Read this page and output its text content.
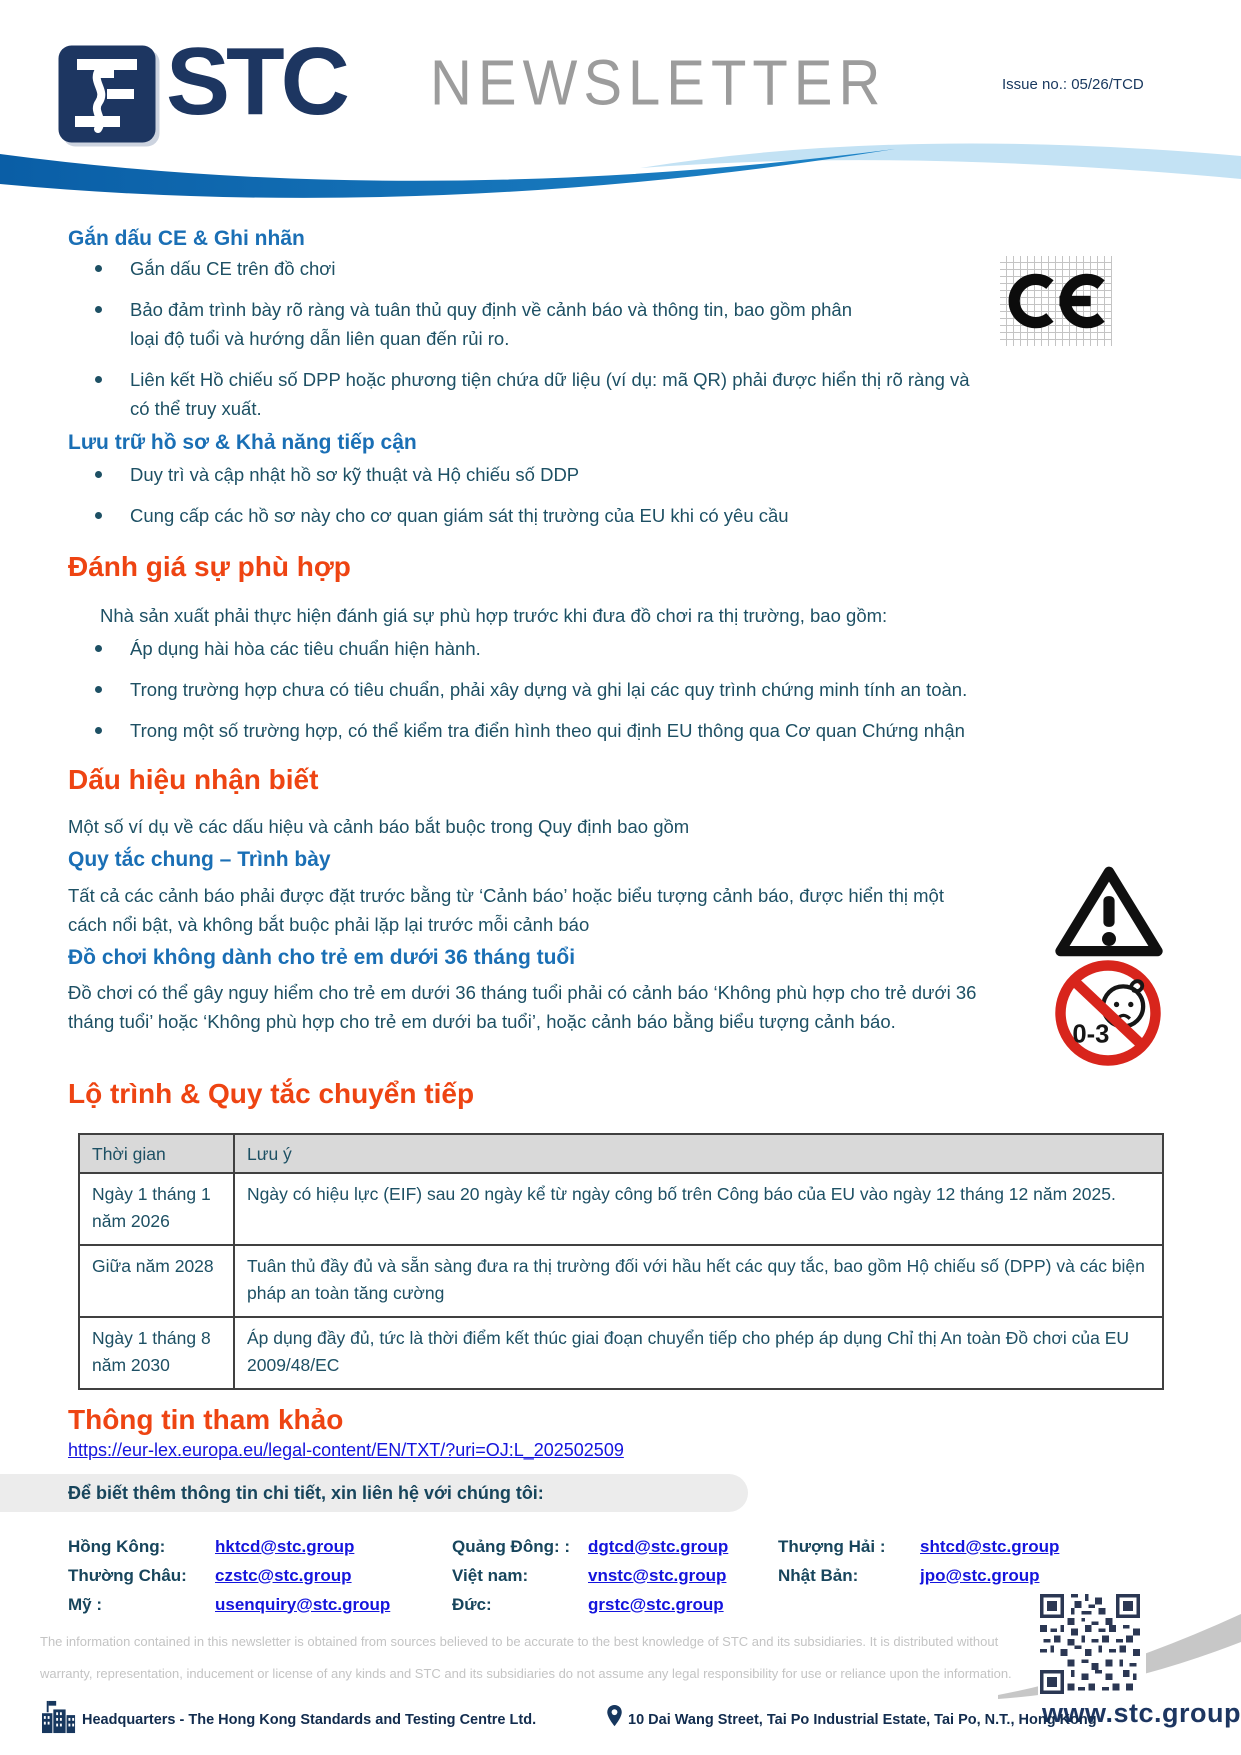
STC NEWSLETTER	Issue no.: 05/26/TCD
Gắn dấu CE & Ghi nhãn
Gắn dấu CE trên đồ chơi
Bảo đảm trình bày rõ ràng và tuân thủ quy định về cảnh báo và thông tin, bao gồm phân loại độ tuổi và hướng dẫn liên quan đến rủi ro.
Liên kết Hồ chiếu số DPP hoặc phương tiện chứa dữ liệu (ví dụ: mã QR) phải được hiển thị rõ ràng và có thể truy xuất.
Lưu trữ hồ sơ & Khả năng tiếp cận
Duy trì và cập nhật hồ sơ kỹ thuật và Hộ chiếu số DDP
Cung cấp các hồ sơ này cho cơ quan giám sát thị trường của EU khi có yêu cầu
Đánh giá sự phù hợp
Nhà sản xuất phải thực hiện đánh giá sự phù hợp trước khi đưa đồ chơi ra thị trường, bao gồm:
Áp dụng hài hòa các tiêu chuẩn hiện hành.
Trong trường hợp chưa có tiêu chuẩn, phải xây dựng và ghi lại các quy trình chứng minh tính an toàn.
Trong một số trường hợp, có thể kiểm tra điển hình theo qui định EU thông qua Cơ quan Chứng nhận
Dấu hiệu nhận biết
Một số ví dụ về các dấu hiệu và cảnh báo bắt buộc trong Quy định bao gồm
Quy tắc chung – Trình bày
Tất cả các cảnh báo phải được đặt trước bằng từ ‘Cảnh báo’ hoặc biểu tượng cảnh báo, được hiển thị một cách nổi bật, và không bắt buộc phải lặp lại trước mỗi cảnh báo
Đồ chơi không dành cho trẻ em dưới 36 tháng tuổi
Đồ chơi có thể gây nguy hiểm cho trẻ em dưới 36 tháng tuổi phải có cảnh báo ‘Không phù hợp cho trẻ dưới 36 tháng tuổi’ hoặc ‘Không phù hợp cho trẻ em dưới ba tuổi’, hoặc cảnh báo bằng biểu tượng cảnh báo.	0-3
Lộ trình & Quy tắc chuyển tiếp
Thời gian	Lưu ý
Ngày 1 tháng 1 năm 2026	Ngày có hiệu lực (EIF) sau 20 ngày kể từ ngày công bố trên Công báo của EU vào ngày 12 tháng 12 năm 2025.
Giữa năm 2028	Tuân thủ đầy đủ và sẵn sàng đưa ra thị trường đối với hầu hết các quy tắc, bao gồm Hộ chiếu số (DPP) và các biện pháp an toàn tăng cường
Ngày 1 tháng 8 năm 2030	Áp dụng đầy đủ, tức là thời điểm kết thúc giai đoạn chuyển tiếp cho phép áp dụng Chỉ thị An toàn Đồ chơi của EU 2009/48/EC
Thông tin tham khảo
https://eur-lex.europa.eu/legal-content/EN/TXT/?uri=OJ:L_202502509
Để biết thêm thông tin chi tiết, xin liên hệ với chúng tôi:
Hồng Kông:	hktcd@stc.group
Thường Châu:	czstc@stc.group
Mỹ :	usenquiry@stc.group
Quảng Đông: :	dgtcd@stc.group
Việt nam:	vnstc@stc.group
Đức:	grstc@stc.group
Thượng Hải :	shtcd@stc.group
Nhật Bản:	jpo@stc.group
The information contained in this newsletter is obtained from sources believed to be accurate to the best knowledge of STC and its subsidiaries. It is distributed without
warranty, representation, inducement or license of any kinds and STC and its subsidiaries do not assume any legal responsibility for use or reliance upon the information.
www.stc.group
Headquarters - The Hong Kong Standards and Testing Centre Ltd.	10 Dai Wang Street, Tai Po Industrial Estate, Tai Po, N.T., Hong Kong
